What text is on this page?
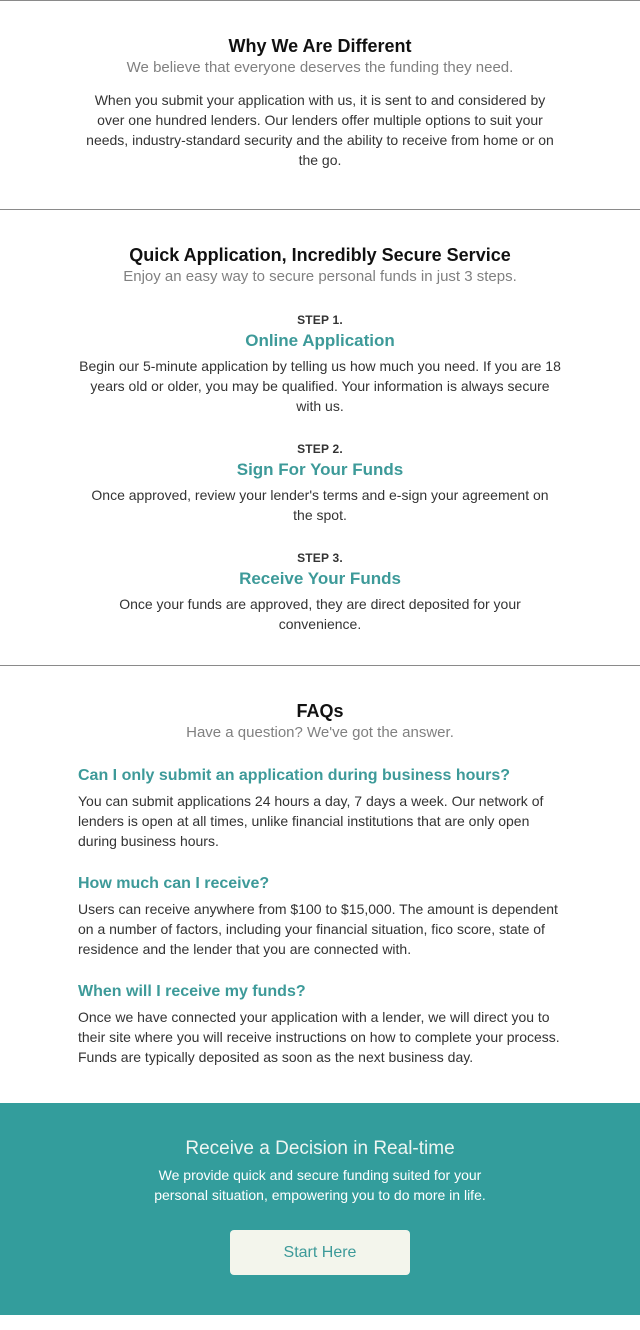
Why We Are Different
We believe that everyone deserves the funding they need.
When you submit your application with us, it is sent to and considered by over one hundred lenders. Our lenders offer multiple options to suit your needs, industry-standard security and the ability to receive from home or on the go.
Quick Application, Incredibly Secure Service
Enjoy an easy way to secure personal funds in just 3 steps.
STEP 1.
Online Application
Begin our 5-minute application by telling us how much you need. If you are 18 years old or older, you may be qualified. Your information is always secure with us.
STEP 2.
Sign For Your Funds
Once approved, review your lender's terms and e-sign your agreement on the spot.
STEP 3.
Receive Your Funds
Once your funds are approved, they are direct deposited for your convenience.
FAQs
Have a question? We've got the answer.
Can I only submit an application during business hours?
You can submit applications 24 hours a day, 7 days a week. Our network of lenders is open at all times, unlike financial institutions that are only open during business hours.
How much can I receive?
Users can receive anywhere from $100 to $15,000. The amount is dependent on a number of factors, including your financial situation, fico score, state of residence and the lender that you are connected with.
When will I receive my funds?
Once we have connected your application with a lender, we will direct you to their site where you will receive instructions on how to complete your process. Funds are typically deposited as soon as the next business day.
Receive a Decision in Real-time
We provide quick and secure funding suited for your personal situation, empowering you to do more in life.
Start Here
